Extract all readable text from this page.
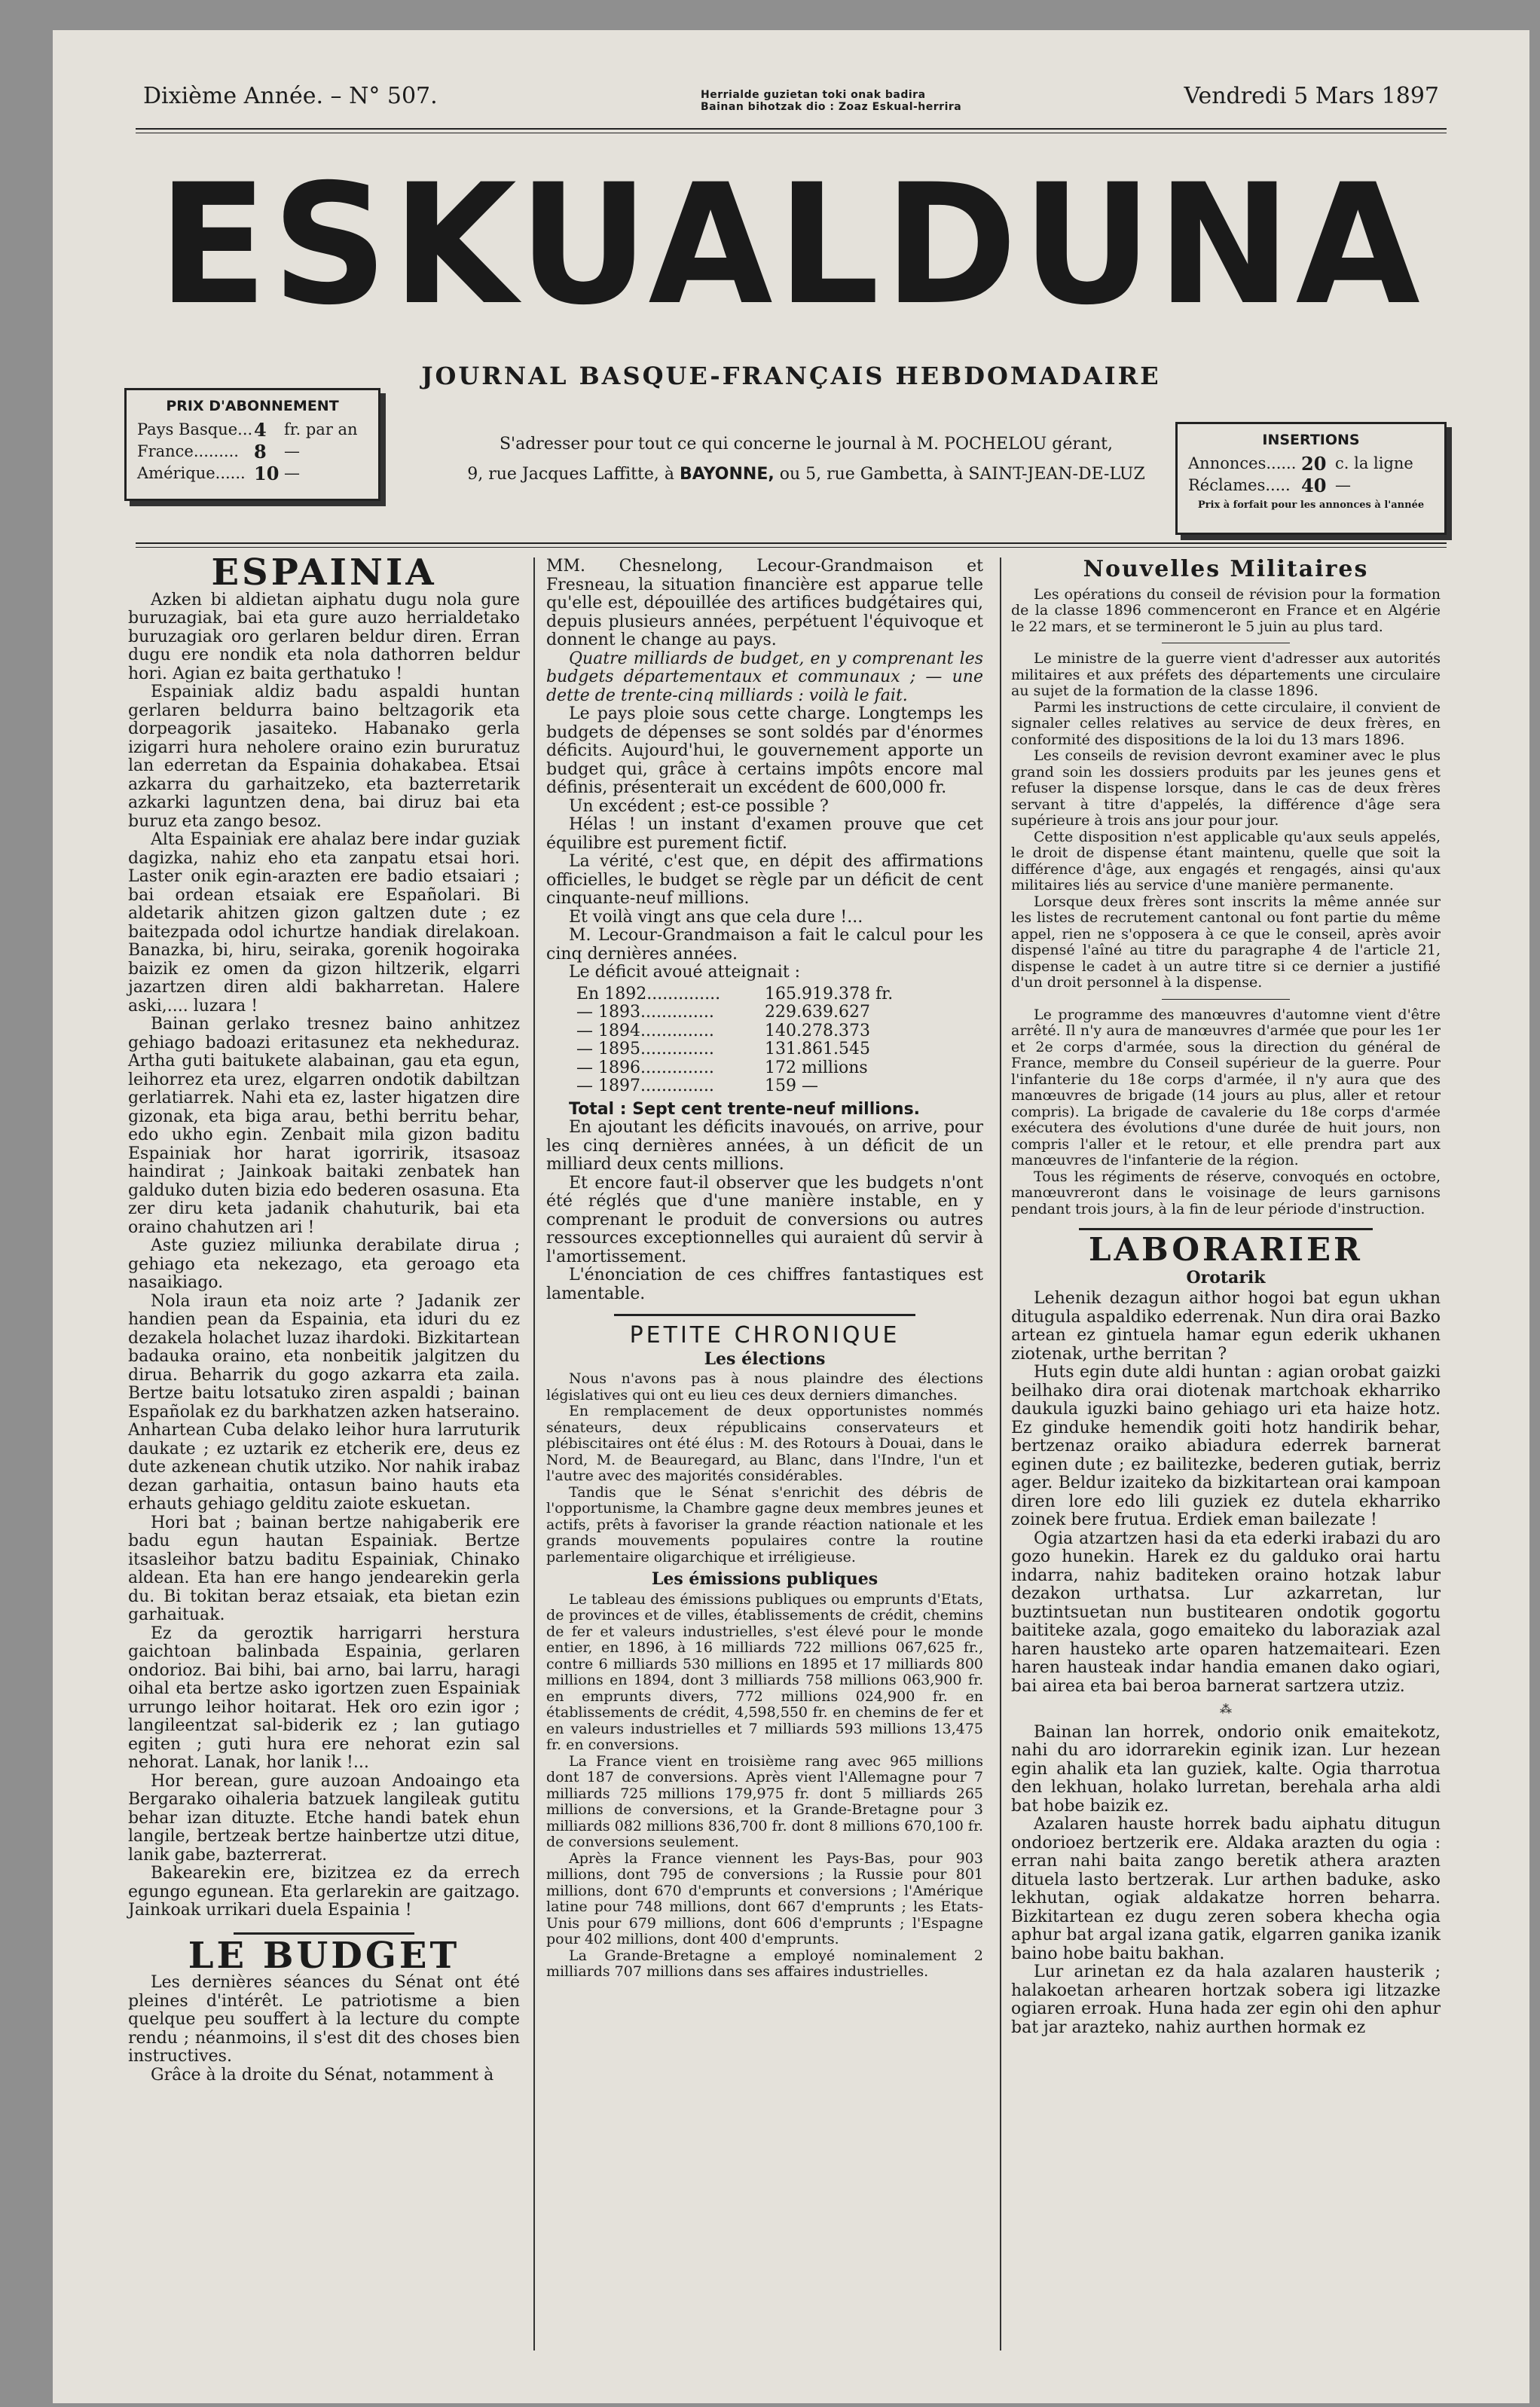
Dixième Année. – N° 507.	Herrialde guzietan toki onak badira
Bainan bihotzak dio : Zoaz Eskual-herrira	Vendredi 5 Mars 1897
ESKUALDUNA
JOURNAL BASQUE-FRANÇAIS HEBDOMADAIRE
PRIX D'ABONNEMENT
Pays Basque... 4	fr. par an
France......... 8	—
Amérique...... 10 —
S'adresser pour tout ce qui concerne le journal à M. POCHELOU gérant,
9, rue Jacques Laffitte, à BAYONNE, ou 5, rue Gambetta, à SAINT-JEAN-DE-LUZ
INSERTIONS
Annonces...... 20 c. la ligne
Réclames..... 40 —
Prix à forfait pour les annonces à l'année
ESPAINIA

Azken bi aldietan aiphatu dugu nola gure buruzagiak, bai eta gure auzo herrialdetako buruzagiak oro gerlaren beldur diren. Erran dugu ere nondik eta nola dathorren beldur hori. Agian ez baita gerthatuko !

Espainiak aldiz badu aspaldi huntan gerlaren beldurra baino beltzagorik eta dorpeagorik jasaiteko. Habanako gerla izigarri hura neholere oraino ezin bururatuz lan ederretan da Espainia dohakabea. Etsai azkarra du garhaitzeko, eta bazterretarik azkarki laguntzen dena, bai diruz bai eta buruz eta zango besoz.

Alta Espainiak ere ahalaz bere indar guziak dagizka, nahiz eho eta zanpatu etsai hori. Laster onik egin-arazten ere badio etsaiari ; bai ordean etsaiak ere Españolari. Bi aldetarik ahitzen gizon galtzen dute ; ez baitezpada odol ichurtze handiak direlakoan. Banazka, bi, hiru, seiraka, gorenik hogoiraka baizik ez omen da gizon hiltzerik, elgarri jazartzen diren aldi bakharretan. Halere aski,.... luzara !

Bainan gerlako tresnez baino anhitzez gehiago badoazi eritasunez eta nekheduraz. Artha guti baitukete alabainan, gau eta egun, leihorrez eta urez, elgarren ondotik dabiltzan gerlatiarrek. Nahi eta ez, laster higatzen dire gizonak, eta biga arau, bethi berritu behar, edo ukho egin. Zenbait mila gizon baditu Espainiak hor harat igorririk, itsasoaz haindirat ; Jainkoak baitaki zenbatek han galduko duten bizia edo bederen osasuna. Eta zer diru keta jadanik chahuturik, bai eta oraino chahutzen ari !

Aste guziez miliunka derabilate dirua ; gehiago eta nekezago, eta geroago eta nasaikiago.

Nola iraun eta noiz arte ? Jadanik zer handien pean da Espainia, eta iduri du ez dezakela holachet luzaz ihardoki. Bizkitartean badauka oraino, eta nonbeitik jalgitzen du dirua. Beharrik du gogo azkarra eta zaila. Bertze baitu lotsatuko ziren aspaldi ; bainan Españolak ez du barkhatzen azken hatseraino. Anhartean Cuba delako leihor hura larruturik daukate ; ez uztarik ez etcherik ere, deus ez dute azkenean chutik utziko. Nor nahik irabaz dezan garhaitia, ontasun baino hauts eta erhauts gehiago gelditu zaiote eskuetan.

Hori bat ; bainan bertze nahigaberik ere badu egun hautan Espainiak. Bertze itsasleihor batzu baditu Espainiak, Chinako aldean. Eta han ere hango jendearekin gerla du. Bi tokitan beraz etsaiak, eta bietan ezin garhaituak.

Ez da geroztik harrigarri herstura gaichtoan balinbada Espainia, gerlaren ondorioz. Bai bihi, bai arno, bai larru, haragi oihal eta bertze asko igortzen zuen Espainiak urrungo leihor hoitarat. Hek oro ezin igor ; langileentzat sal-biderik ez ; lan gutiago egiten ; guti hura ere nehorat ezin sal nehorat. Lanak, hor lanik !...

Hor berean, gure auzoan Andoaingo eta Bergarako oihaleria batzuek langileak gutitu behar izan dituzte. Etche handi batek ehun langile, bertzeak bertze hainbertze utzi ditue, lanik gabe, bazterrerat.

Bakearekin ere, bizitzea ez da errech egungo egunean. Eta gerlarekin are gaitzago. Jainkoak urrikari duela Espainia !

LE BUDGET

Les dernières séances du Sénat ont été pleines d'intérêt. Le patriotisme a bien quelque peu souffert à la lecture du compte rendu ; néanmoins, il s'est dit des choses bien instructives.

Grâce à la droite du Sénat, notamment à

MM. Chesnelong, Lecour-Grandmaison et Fresneau, la situation financière est apparue telle qu'elle est, dépouillée des artifices budgétaires qui, depuis plusieurs années, perpétuent l'équivoque et donnent le change au pays.

Quatre milliards de budget, en y comprenant les budgets départementaux et communaux ; — une dette de trente-cinq milliards : voilà le fait.

Le pays ploie sous cette charge. Longtemps les budgets de dépenses se sont soldés par d'énormes déficits. Aujourd'hui, le gouvernement apporte un budget qui, grâce à certains impôts encore mal définis, présenterait un excédent de 600,000 fr.

Un excédent ; est-ce possible ?

Hélas ! un instant d'examen prouve que cet équilibre est purement fictif.

La vérité, c'est que, en dépit des affirmations officielles, le budget se règle par un déficit de cent cinquante-neuf millions.

Et voilà vingt ans que cela dure !...

M. Lecour-Grandmaison a fait le calcul pour les cinq dernières années.

Le déficit avoué atteignait :

En 1892..............	165.919.378 fr.
— 1893..............	229.639.627
— 1894..............	140.278.373
— 1895..............	131.861.545
— 1896..............	172 millions
— 1897..............	159 —

Total : Sept cent trente-neuf millions.

En ajoutant les déficits inavoués, on arrive, pour les cinq dernières années, à un déficit de un milliard deux cents millions.

Et encore faut-il observer que les budgets n'ont été réglés que d'une manière instable, en y comprenant le produit de conversions ou autres ressources exceptionnelles qui auraient dû servir à l'amortissement.

L'énonciation de ces chiffres fantastiques est lamentable.

PETITE CHRONIQUE
Les élections

Nous n'avons pas à nous plaindre des élections législatives qui ont eu lieu ces deux derniers dimanches.

En remplacement de deux opportunistes nommés sénateurs, deux républicains conservateurs et plébiscitaires ont été élus : M. des Rotours à Douai, dans le Nord, M. de Beauregard, au Blanc, dans l'Indre, l'un et l'autre avec des majorités considérables.

Tandis que le Sénat s'enrichit des débris de l'opportunisme, la Chambre gagne deux membres jeunes et actifs, prêts à favoriser la grande réaction nationale et les grands mouvements populaires contre la routine parlementaire oligarchique et irréligieuse.

Les émissions publiques

Le tableau des émissions publiques ou emprunts d'Etats, de provinces et de villes, établissements de crédit, chemins de fer et valeurs industrielles, s'est élevé pour le monde entier, en 1896, à 16 milliards 722 millions 067,625 fr., contre 6 milliards 530 millions en 1895 et 17 milliards 800 millions en 1894, dont 3 milliards 758 millions 063,900 fr. en emprunts divers, 772 millions 024,900 fr. en établissements de crédit, 4,598,550 fr. en chemins de fer et en valeurs industrielles et 7 milliards 593 millions 13,475 fr. en conversions.

La France vient en troisième rang avec 965 millions dont 187 de conversions. Après vient l'Allemagne pour 7 milliards 725 millions 179,975 fr. dont 5 milliards 265 millions de conversions, et la Grande-Bretagne pour 3 milliards 082 millions 836,700 fr. dont 8 millions 670,100 fr. de conversions seulement.

Après la France viennent les Pays-Bas, pour 903 millions, dont 795 de conversions ; la Russie pour 801 millions, dont 670 d'emprunts et conversions ; l'Amérique latine pour 748 millions, dont 667 d'emprunts ; les Etats-Unis pour 679 millions, dont 606 d'emprunts ; l'Espagne pour 402 millions, dont 400 d'emprunts.

La Grande-Bretagne a employé nominalement 2 milliards 707 millions dans ses affaires industrielles.

Nouvelles Militaires

Les opérations du conseil de révision pour la formation de la classe 1896 commenceront en France et en Algérie le 22 mars, et se termineront le 5 juin au plus tard.

Le ministre de la guerre vient d'adresser aux autorités militaires et aux préfets des départements une circulaire au sujet de la formation de la classe 1896.

Parmi les instructions de cette circulaire, il convient de signaler celles relatives au service de deux frères, en conformité des dispositions de la loi du 13 mars 1896.

Les conseils de revision devront examiner avec le plus grand soin les dossiers produits par les jeunes gens et refuser la dispense lorsque, dans le cas de deux frères servant à titre d'appelés, la différence d'âge sera supérieure à trois ans jour pour jour.

Cette disposition n'est applicable qu'aux seuls appelés, le droit de dispense étant maintenu, quelle que soit la différence d'âge, aux engagés et rengagés, ainsi qu'aux militaires liés au service d'une manière permanente.

Lorsque deux frères sont inscrits la même année sur les listes de recrutement cantonal ou font partie du même appel, rien ne s'opposera à ce que le conseil, après avoir dispensé l'aîné au titre du paragraphe 4 de l'article 21, dispense le cadet à un autre titre si ce dernier a justifié d'un droit personnel à la dispense.

Le programme des manœuvres d'automne vient d'être arrêté. Il n'y aura de manœuvres d'armée que pour les 1er et 2e corps d'armée, sous la direction du général de France, membre du Conseil supérieur de la guerre. Pour l'infanterie du 18e corps d'armée, il n'y aura que des manœuvres de brigade (14 jours au plus, aller et retour compris). La brigade de cavalerie du 18e corps d'armée exécutera des évolutions d'une durée de huit jours, non compris l'aller et le retour, et elle prendra part aux manœuvres de l'infanterie de la région.

Tous les régiments de réserve, convoqués en octobre, manœuvreront dans le voisinage de leurs garnisons pendant trois jours, à la fin de leur période d'instruction.

LABORARIER
Orotarik

Lehenik dezagun aithor hogoi bat egun ukhan ditugula aspaldiko ederrenak. Nun dira orai Bazko artean ez gintuela hamar egun ederik ukhanen ziotenak, urthe berritan ?

Huts egin dute aldi huntan : agian orobat gaizki beilhako dira orai diotenak martchoak ekharriko daukula iguzki baino gehiago uri eta haize hotz. Ez ginduke hemendik goiti hotz handirik behar, bertzenaz oraiko abiadura ederrek barnerat eginen dute ; ez bailitezke, bederen gutiak, berriz ager. Beldur izaiteko da bizkitartean orai kampoan diren lore edo lili guziek ez dutela ekharriko zoinek bere frutua. Erdiek eman bailezate !

Ogia atzartzen hasi da eta ederki irabazi du aro gozo hunekin. Harek ez du galduko orai hartu indarra, nahiz baditeken oraino hotzak labur dezakon urthatsa. Lur azkarretan, lur buztintsuetan nun bustitearen ondotik gogortu baititeke azala, gogo emaiteko du laboraziak azal haren hausteko arte oparen hatzemaiteari. Ezen haren hausteak indar handia emanen dako ogiari, bai airea eta bai beroa barnerat sartzera utziz.

⁂

Bainan lan horrek, ondorio onik emaitekotz, nahi du aro idorrarekin eginik izan. Lur hezean egin ahalik eta lan guziek, kalte. Ogia tharrotua den lekhuan, holako lurretan, berehala arha aldi bat hobe baizik ez.

Azalaren hauste horrek badu aiphatu ditugun ondorioez bertzerik ere. Aldaka arazten du ogia : erran nahi baita zango beretik athera arazten dituela lasto bertzerak. Lur arthen baduke, asko lekhutan, ogiak aldakatze horren beharra. Bizkitartean ez dugu zeren sobera khecha ogia aphur bat argal izana gatik, elgarren ganika izanik baino hobe baitu bakhan.

Lur arinetan ez da hala azalaren hausterik ; halakoetan arhearen hortzak sobera igi litzazke ogiaren erroak. Huna hada zer egin ohi den aphur bat jar arazteko, nahiz aurthen hormak ez
